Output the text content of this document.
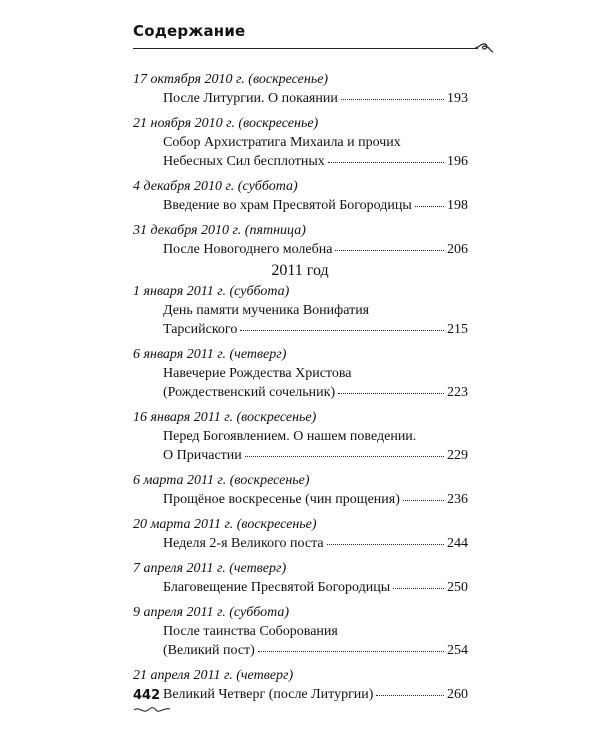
Содержание
17 октября 2010 г. (воскресенье)
После Литургии. О покаянии	193
21 ноября 2010 г. (воскресенье)
Собор Архистратига Михаила и прочих
Небесных Сил бесплотных	196
4 декабря 2010 г. (суббота)
Введение во храм Пресвятой Богородицы	198
31 декабря 2010 г. (пятница)
После Новогоднего молебна	206
1 января 2011 г. (суббота)
День памяти мученика Вонифатия
Тарсийского	215
6 января 2011 г. (четверг)
Навечерие Рождества Христова
(Рождественский сочельник)	223
16 января 2011 г. (воскресенье)
Перед Богоявлением. О нашем поведении.
О Причастии	229
6 марта 2011 г. (воскресенье)
Прощёное воскресенье (чин прощения)	236
20 марта 2011 г. (воскресенье)
Неделя 2-я Великого поста	244
7 апреля 2011 г. (четверг)
Благовещение Пресвятой Богородицы	250
9 апреля 2011 г. (суббота)
После таинства Соборования
(Великий пост)	254
21 апреля 2011 г. (четверг)
Великий Четверг (после Литургии)	260
2011 год
442
